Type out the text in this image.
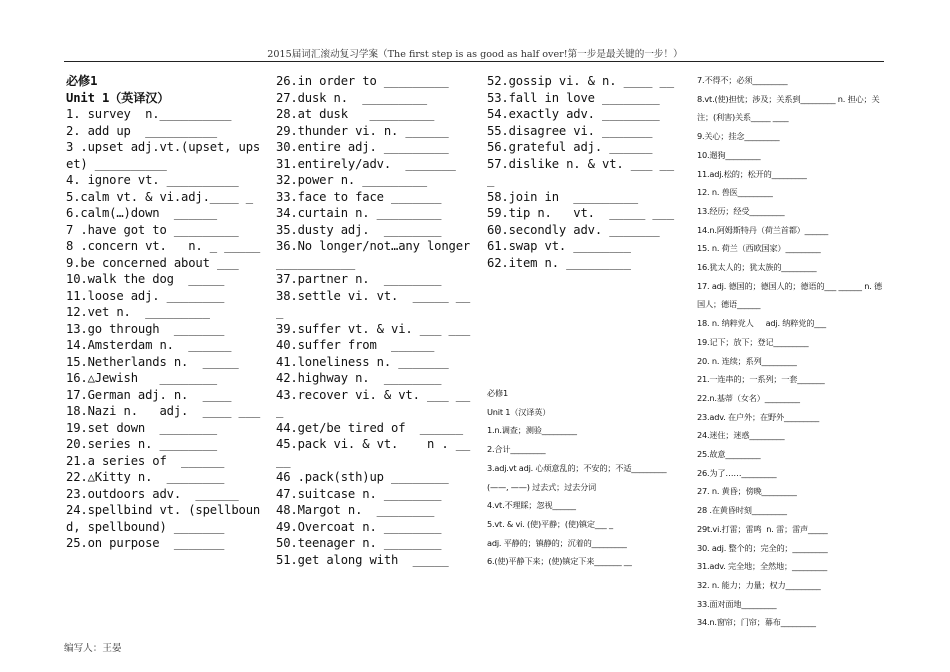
2015届词汇滚动复习学案（The first step is as good as half over!第一步是最关键的一步！）
必修1
Unit 1（英译汉）
1. survey  n.__________
2. add up  __________
3 .upset adj.vt.(upset, upset) __________
4. ignore vt. __________
5.calm vt. & vi.adj.____ _
6.calm(…)down  ______
7 .have got to _________
8 .concern vt.   n. _ _____
9.be concerned about ___
10.walk the dog  _____
11.loose adj. ________
12.vet n.  _________
13.go through  _______
14.Amsterdam n.  ______
15.Netherlands n.  _____
16.△Jewish   ________
17.German adj. n.  ____
18.Nazi n.   adj.  ____ ___
19.set down  ________
20.series n. ________
21.a series of  ______
22.△Kitty n.  ________
23.outdoors adv.  ______
24.spellbind vt. (spellbound, spellbound) _______
25.on purpose  _______
26.in order to _________
27.dusk n.  _________
28.at dusk   _________
29.thunder vi. n. ______
30.entire adj. _________
31.entirely/adv.  _______
32.power n. _________
33.face to face _______
34.curtain n. _________
35.dusty adj.  ________
36.No longer/not…any longer___________
37.partner n.  ________
38.settle vi. vt.  _____ ___
39.suffer vt. & vi. ___ ___
40.suffer from  ______
41.loneliness n. _______
42.highway n.  ________
43.recover vi. & vt. ___ ___
44.get/be tired of  ______
45.pack vi. & vt.    n . ____
46 .pack(sth)up ________
47.suitcase n. ________
48.Margot n.  ________
49.Overcoat n. ________
50.teenager n. ________
51.get along with  _____
52.gossip vi. & n. ____ __
53.fall in love ________
54.exactly adv. ________
55.disagree vi. _______
56.grateful adj. ______
57.dislike n. & vt. ___ ___
58.join in  _________
59.tip n.   vt.  _____ ___
60.secondly adv. _______
61.swap vt. ________
62.item n. _________
必修1
Unit 1（汉译英）
1.n.调查；测验_________
2.合计_________
3.adj.vt adj. 心烦意乱的；不安的；不适_________(——, ——) 过去式；过去分词
4.vt.不理睬；忽视______
5.vt. & vi. (使)平静；(使)镇定___ _
adj. 平静的；镇静的；沉着的_________
6.(使)平静下来；(使)镇定下来_______ __
7.不得不；必须_________
8.vt.(使)担忧；涉及；关系到_________ n. 担心；关注；(利害)关系_____ ____
9.关心；挂念_________
10.遛狗_________
11.adj.松的；松开的_________
12. n. 兽医_________
13.经历；经受_________
14.n.阿姆斯特丹（荷兰首都）______
15. n. 荷兰（西欧国家）_________
16.犹太人的；犹太族的_________
17. adj. 德国的；德国人的；德语的___ ______ n. 德国人；德语______
18. n. 纳粹党人     adj. 纳粹党的___
19.记下；放下；登记_________
20. n. 连续；系列_________
21.一连串的；一系列；一套_______
22.n.基蒂（女名）_________
23.adv. 在户外；在野外_________
24.迷住；迷惑_________
25.故意_________
26.为了……_________
27. n. 黄昏；傍晚_________
28 .在黄昏时刻_________
29t.vi.打雷；雷鸣  n. 雷；雷声_____
30. adj. 整个的；完全的；_________
31.adv. 完全地；全然地；_________
32. n. 能力；力量；权力_________
33.面对面地_________
34.n.窗帘；门帘；幕布_________
编写人：王晏
